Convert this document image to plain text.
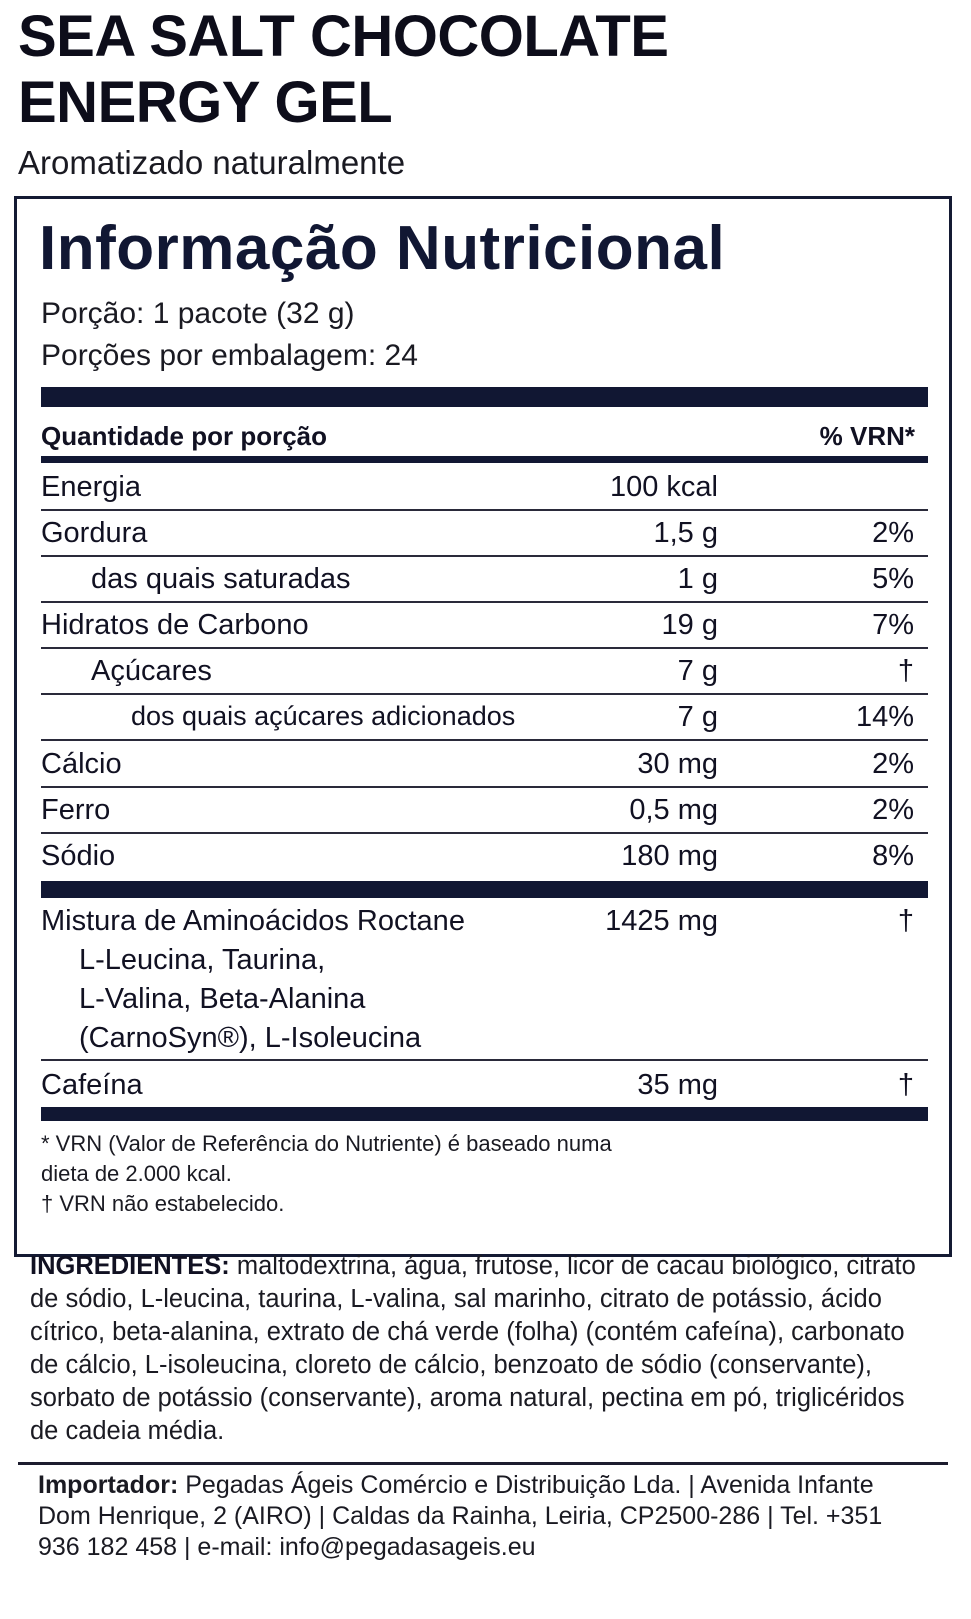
SEA SALT CHOCOLATE
ENERGY GEL
Aromatizado naturalmente
Informação Nutricional
Porção: 1 pacote (32 g)
Porções por embalagem: 24
Quantidade por porção	% VRN*
Energia	100 kcal
Gordura	1,5 g	2%
das quais saturadas	1 g	5%
Hidratos de Carbono	19 g	7%
Açúcares	7 g	†
dos quais açúcares adicionados	7 g	14%
Cálcio	30 mg	2%
Ferro	0,5 mg	2%
Sódio	180 mg	8%
Mistura de Aminoácidos Roctane	1425 mg	†
L-Leucina, Taurina,
L-Valina, Beta-Alanina
(CarnoSyn®), L-Isoleucina
Cafeína	35 mg	†
* VRN (Valor de Referência do Nutriente) é baseado numa
dieta de 2.000 kcal.
† VRN não estabelecido.
INGREDIENTES: maltodextrina, água, frutose, licor de cacau biológico, citrato de sódio, L-leucina, taurina, L-valina, sal marinho, citrato de potássio, ácido cítrico, beta-alanina, extrato de chá verde (folha) (contém cafeína), carbonato de cálcio, L-isoleucina, cloreto de cálcio, benzoato de sódio (conservante), sorbato de potássio (conservante), aroma natural, pectina em pó, triglicéridos de cadeia média.
Importador: Pegadas Ágeis Comércio e Distribuição Lda. | Avenida Infante Dom Henrique, 2 (AIRO) | Caldas da Rainha, Leiria, CP2500-286 | Tel. +351 936 182 458 | e-mail: info@pegadasageis.eu
